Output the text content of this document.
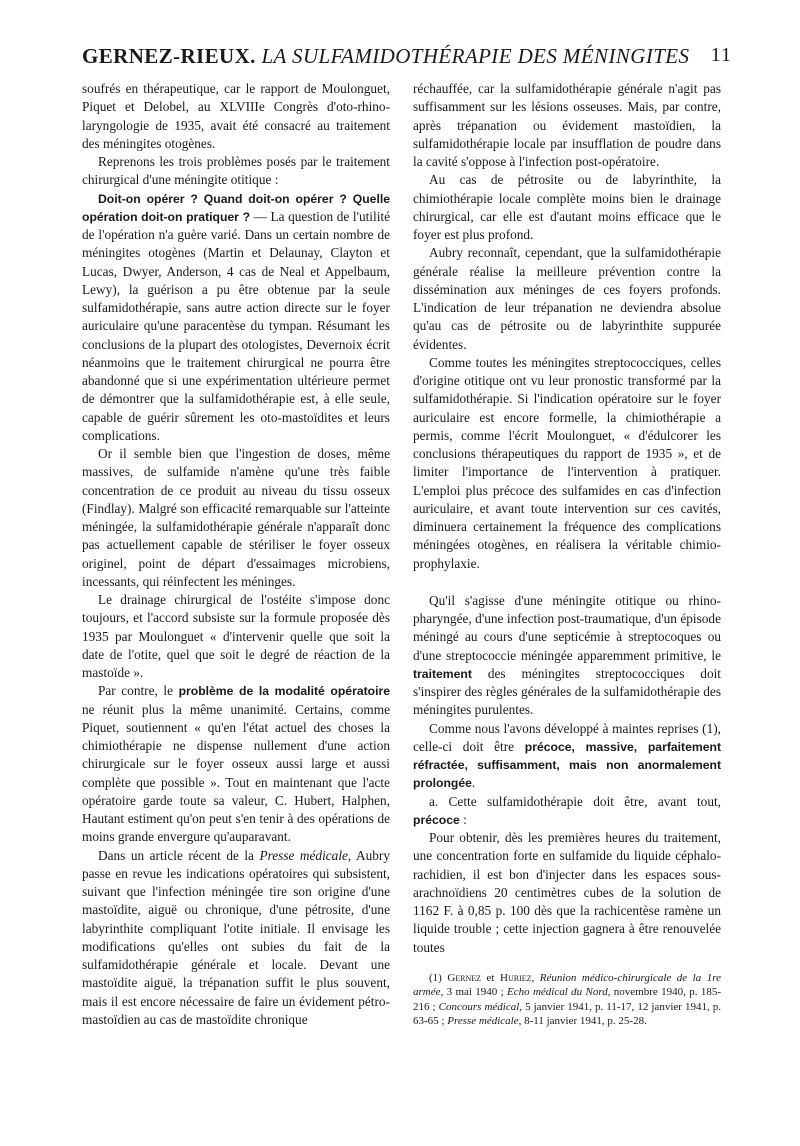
GERNEZ-RIEUX. LA SULFAMIDOTHÉRAPIE DES MÉNINGITES 11

soufrés en thérapeutique, car le rapport de Moulonguet, Piquet et Delobel, au XLVIIIe Congrès d'oto-rhino-laryngologie de 1935, avait été consacré au traitement des méningites otogènes.

Reprenons les trois problèmes posés par le traitement chirurgical d'une méningite otitique :

Doit-on opérer ? Quand doit-on opérer ? Quelle opération doit-on pratiquer ? — La question de l'utilité de l'opération n'a guère varié. Dans un certain nombre de méningites otogènes (Martin et Delaunay, Clayton et Lucas, Dwyer, Anderson, 4 cas de Neal et Appelbaum, Lewy), la guérison a pu être obtenue par la seule sulfamidothérapie, sans autre action directe sur le foyer auriculaire qu'une paracentèse du tympan. Résumant les conclusions de la plupart des otologistes, Devernoix écrit néanmoins que le traitement chirurgical ne pourra être abandonné que si une expérimentation ultérieure permet de démontrer que la sulfamidothérapie est, à elle seule, capable de guérir sûrement les oto-mastoïdites et leurs complications.

Or il semble bien que l'ingestion de doses, même massives, de sulfamide n'amène qu'une très faible concentration de ce produit au niveau du tissu osseux (Findlay). Malgré son efficacité remarquable sur l'atteinte méningée, la sulfamidothérapie générale n'apparaît donc pas actuellement capable de stériliser le foyer osseux originel, point de départ d'essaimages microbiens, incessants, qui réinfectent les méninges.

Le drainage chirurgical de l'ostéite s'impose donc toujours, et l'accord subsiste sur la formule proposée dès 1935 par Moulonguet « d'intervenir quelle que soit la date de l'otite, quel que soit le degré de réaction de la mastoïde ».

Par contre, le problème de la modalité opératoire ne réunit plus la même unanimité. Certains, comme Piquet, soutiennent « qu'en l'état actuel des choses la chimiothérapie ne dispense nullement d'une action chirurgicale sur le foyer osseux aussi large et aussi complète que possible ». Tout en maintenant que l'acte opératoire garde toute sa valeur, C. Hubert, Halphen, Hautant estiment qu'on peut s'en tenir à des opérations de moins grande envergure qu'auparavant.

Dans un article récent de la Presse médicale, Aubry passe en revue les indications opératoires qui subsistent, suivant que l'infection méningée tire son origine d'une mastoïdite, aiguë ou chronique, d'une pétrosite, d'une labyrinthite compliquant l'otite initiale. Il envisage les modifications qu'elles ont subies du fait de la sulfamidothérapie générale et locale. Devant une mastoïdite aiguë, la trépanation suffit le plus souvent, mais il est encore nécessaire de faire un évidement pétro-mastoïdien au cas de mastoïdite chronique

réchauffée, car la sulfamidothérapie générale n'agit pas suffisamment sur les lésions osseuses. Mais, par contre, après trépanation ou évidement mastoïdien, la sulfamidothérapie locale par insufflation de poudre dans la cavité s'oppose à l'infection post-opératoire.

Au cas de pétrosite ou de labyrinthite, la chimiothérapie locale complète moins bien le drainage chirurgical, car elle est d'autant moins efficace que le foyer est plus profond.

Aubry reconnaît, cependant, que la sulfamidothérapie générale réalise la meilleure prévention contre la dissémination aux méninges de ces foyers profonds. L'indication de leur trépanation ne deviendra absolue qu'au cas de pétrosite ou de labyrinthite suppurée évidentes.

Comme toutes les méningites streptococciques, celles d'origine otitique ont vu leur pronostic transformé par la sulfamidothérapie. Si l'indication opératoire sur le foyer auriculaire est encore formelle, la chimiothérapie a permis, comme l'écrit Moulonguet, « d'édulcorer les conclusions thérapeutiques du rapport de 1935 », et de limiter l'importance de l'intervention à pratiquer. L'emploi plus précoce des sulfamides en cas d'infection auriculaire, et avant toute intervention sur ces cavités, diminuera certainement la fréquence des complications méningées otogènes, en réalisera la véritable chimio-prophylaxie.

Qu'il s'agisse d'une méningite otitique ou rhino-pharyngée, d'une infection post-traumatique, d'un épisode méningé au cours d'une septicémie à streptocoques ou d'une streptococcie méningée apparemment primitive, le traitement des méningites streptococciques doit s'inspirer des règles générales de la sulfamidothérapie des méningites purulentes.

Comme nous l'avons développé à maintes reprises (1), celle-ci doit être précoce, massive, parfaitement réfractée, suffisamment, mais non anormalement prolongée.

a. Cette sulfamidothérapie doit être, avant tout, précoce :

Pour obtenir, dès les premières heures du traitement, une concentration forte en sulfamide du liquide céphalo-rachidien, il est bon d'injecter dans les espaces sous-arachnoïdiens 20 centimètres cubes de la solution de 1162 F. à 0,85 p. 100 dès que la rachicentèse ramène un liquide trouble ; cette injection gagnera à être renouvelée toutes

(1) Gernez et Huriez, Réunion médico-chirurgicale de la 1re armée, 3 mai 1940 ; Echo médical du Nord, novembre 1940, p. 185-216 ; Concours médical, 5 janvier 1941, p. 11-17, 12 janvier 1941, p. 63-65 ; Presse médicale, 8-11 janvier 1941, p. 25-28.
